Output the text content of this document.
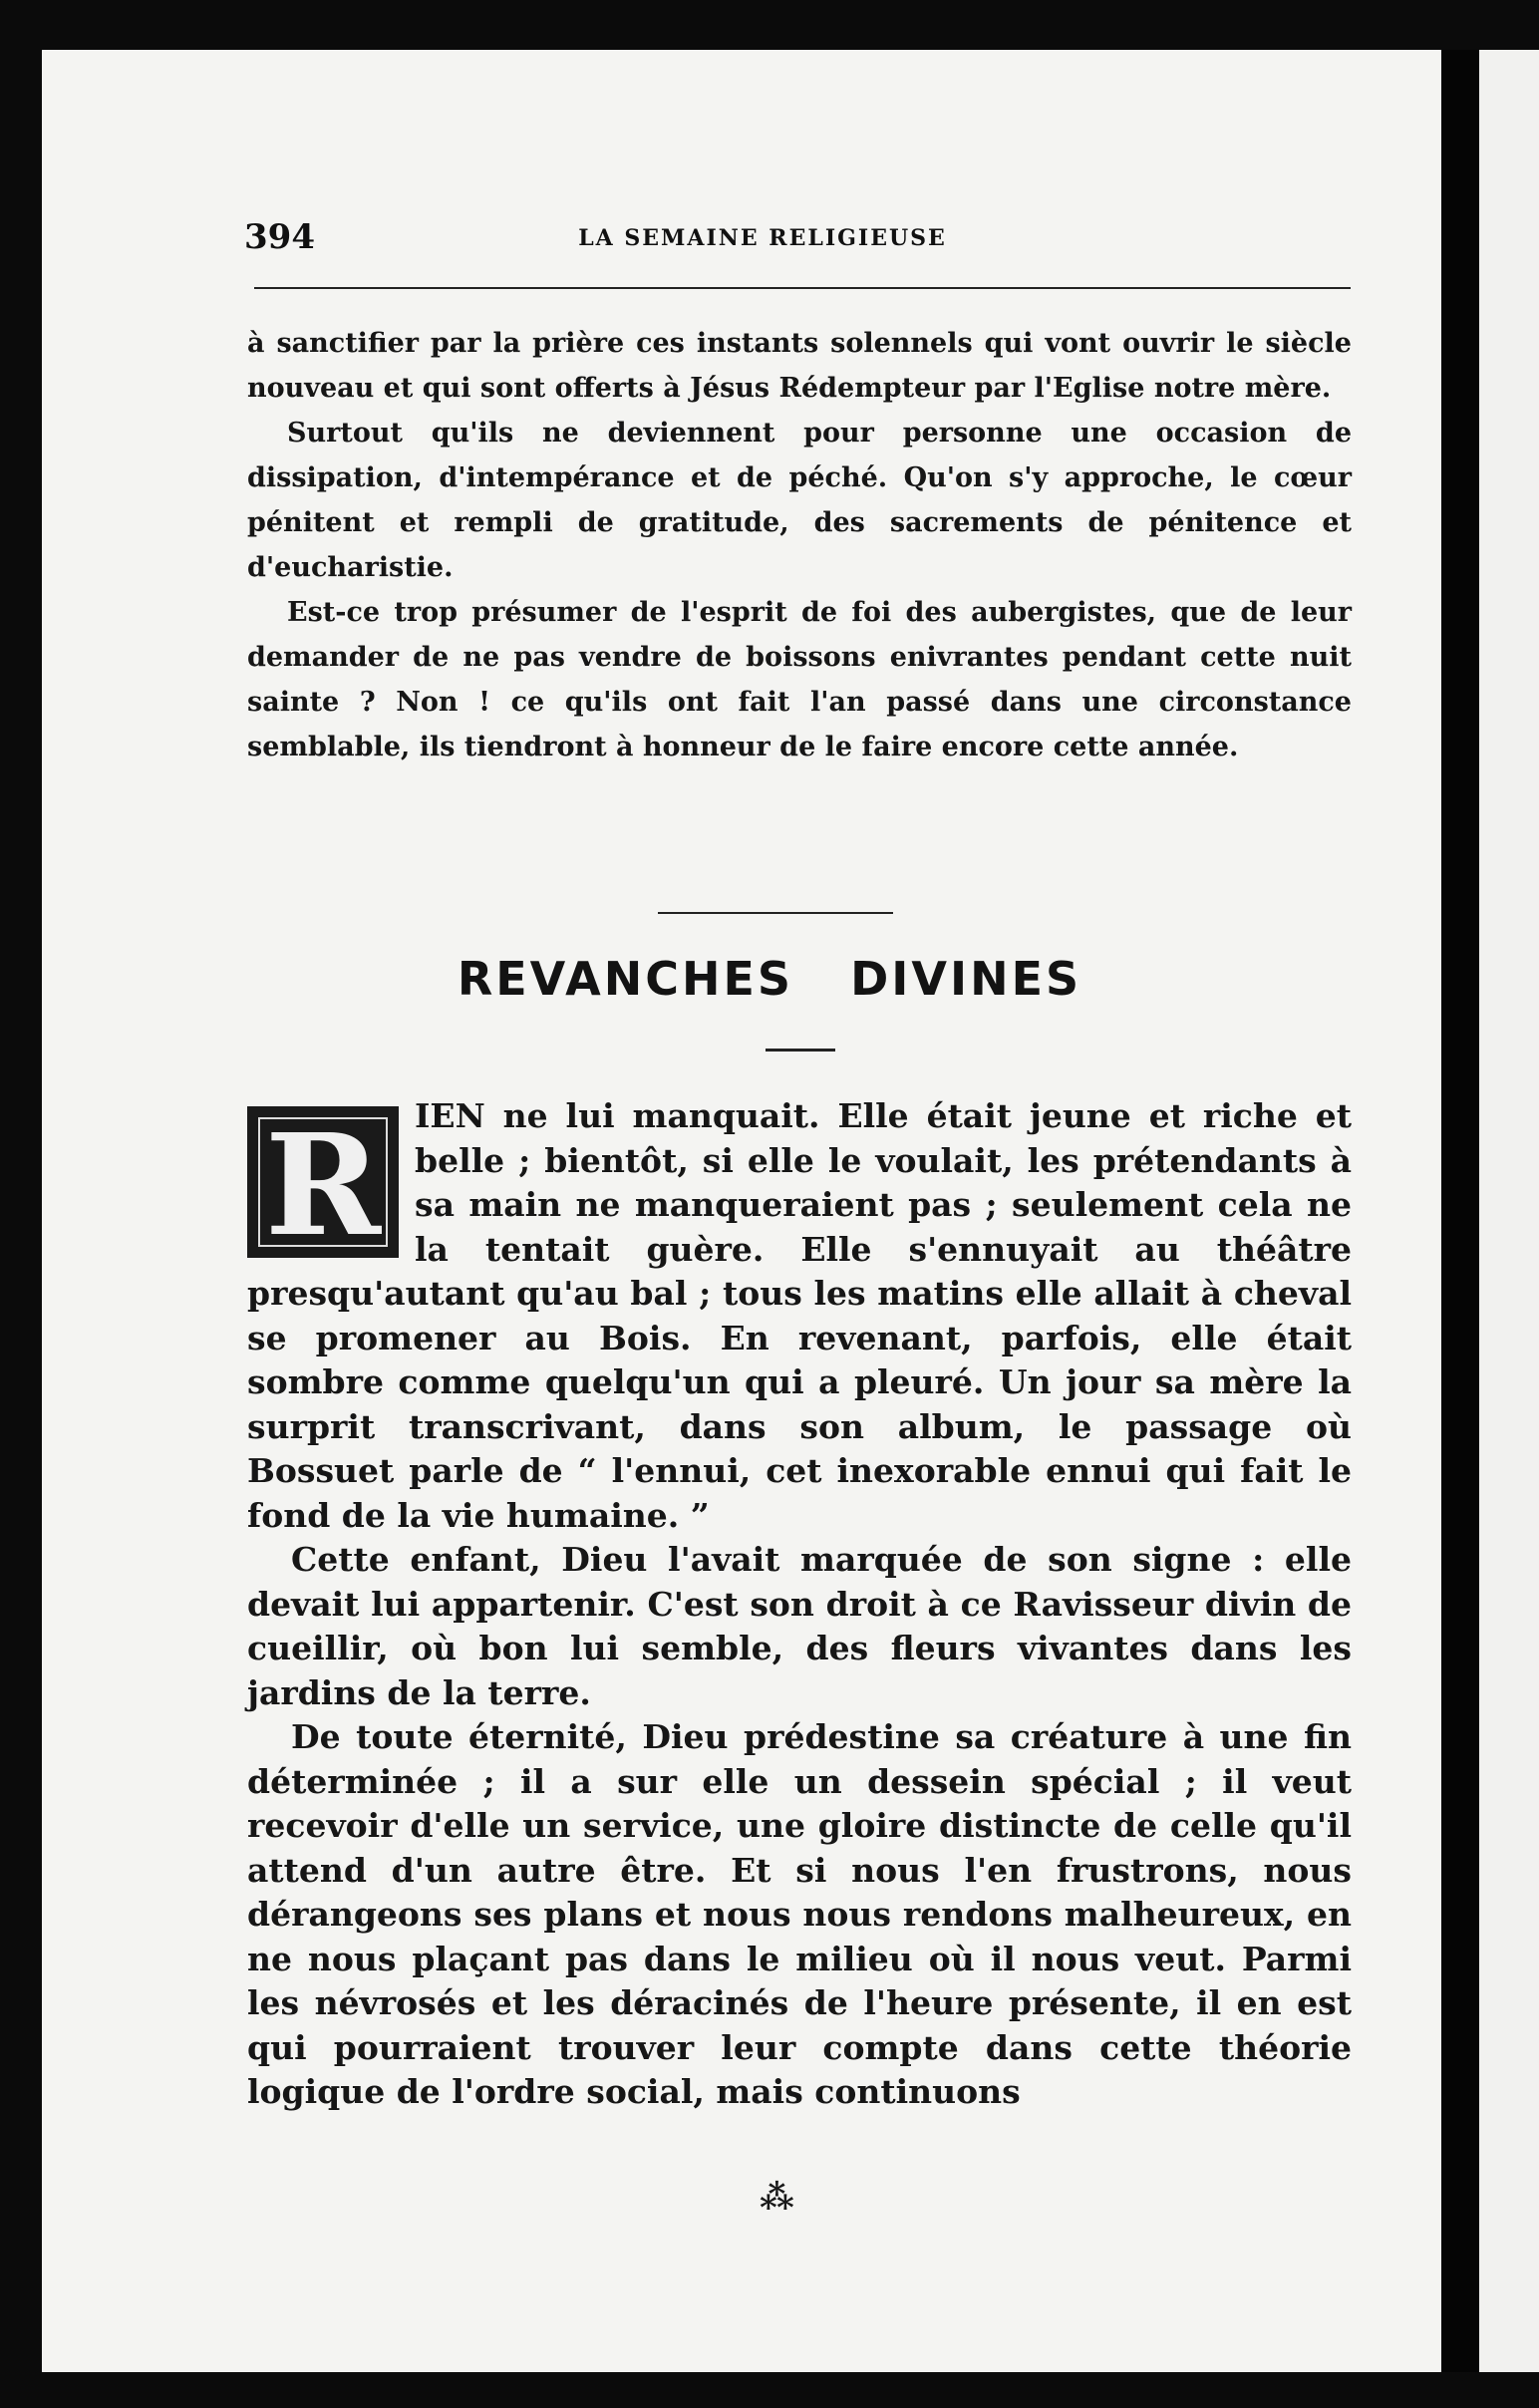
394	LA SEMAINE RELIGIEUSE

à sanctifier par la prière ces instants solennels qui vont ouvrir le siècle nouveau et qui sont offerts à Jésus Rédempteur par l'Eglise notre mère.

Surtout qu'ils ne deviennent pour personne une occasion de dissipation, d'intempérance et de péché. Qu'on s'y approche, le cœur pénitent et rempli de gratitude, des sacrements de pénitence et d'eucharistie.

Est-ce trop présumer de l'esprit de foi des aubergistes, que de leur demander de ne pas vendre de boissons enivrantes pendant cette nuit sainte ? Non ! ce qu'ils ont fait l'an passé dans une circonstance semblable, ils tiendront à honneur de le faire encore cette année.

REVANCHES   DIVINES
R	IEN ne lui manquait. Elle était jeune et riche et belle ; bientôt, si elle le voulait, les prétendants à sa main ne manqueraient pas ; seulement cela ne la tentait guère. Elle s'ennuyait au théâtre presqu'autant qu'au bal ; tous les matins elle allait à cheval se promener au Bois. En revenant, parfois, elle était sombre comme quelqu'un qui a pleuré. Un jour sa mère la surprit transcrivant, dans son album, le passage où Bossuet parle de “ l'ennui, cet inexorable ennui qui fait le fond de la vie humaine. ”

Cette enfant, Dieu l'avait marquée de son signe : elle devait lui appartenir. C'est son droit à ce Ravisseur divin de cueillir, où bon lui semble, des fleurs vivantes dans les jardins de la terre.

De toute éternité, Dieu prédestine sa créature à une fin déterminée ; il a sur elle un dessein spécial ; il veut recevoir d'elle un service, une gloire distincte de celle qu'il attend d'un autre être. Et si nous l'en frustrons, nous dérangeons ses plans et nous nous rendons malheureux, en ne nous plaçant pas dans le milieu où il nous veut. Parmi les névrosés et les déracinés de l'heure présente, il en est qui pourraient trouver leur compte dans cette théorie logique de l'ordre social, mais continuons

⁂
